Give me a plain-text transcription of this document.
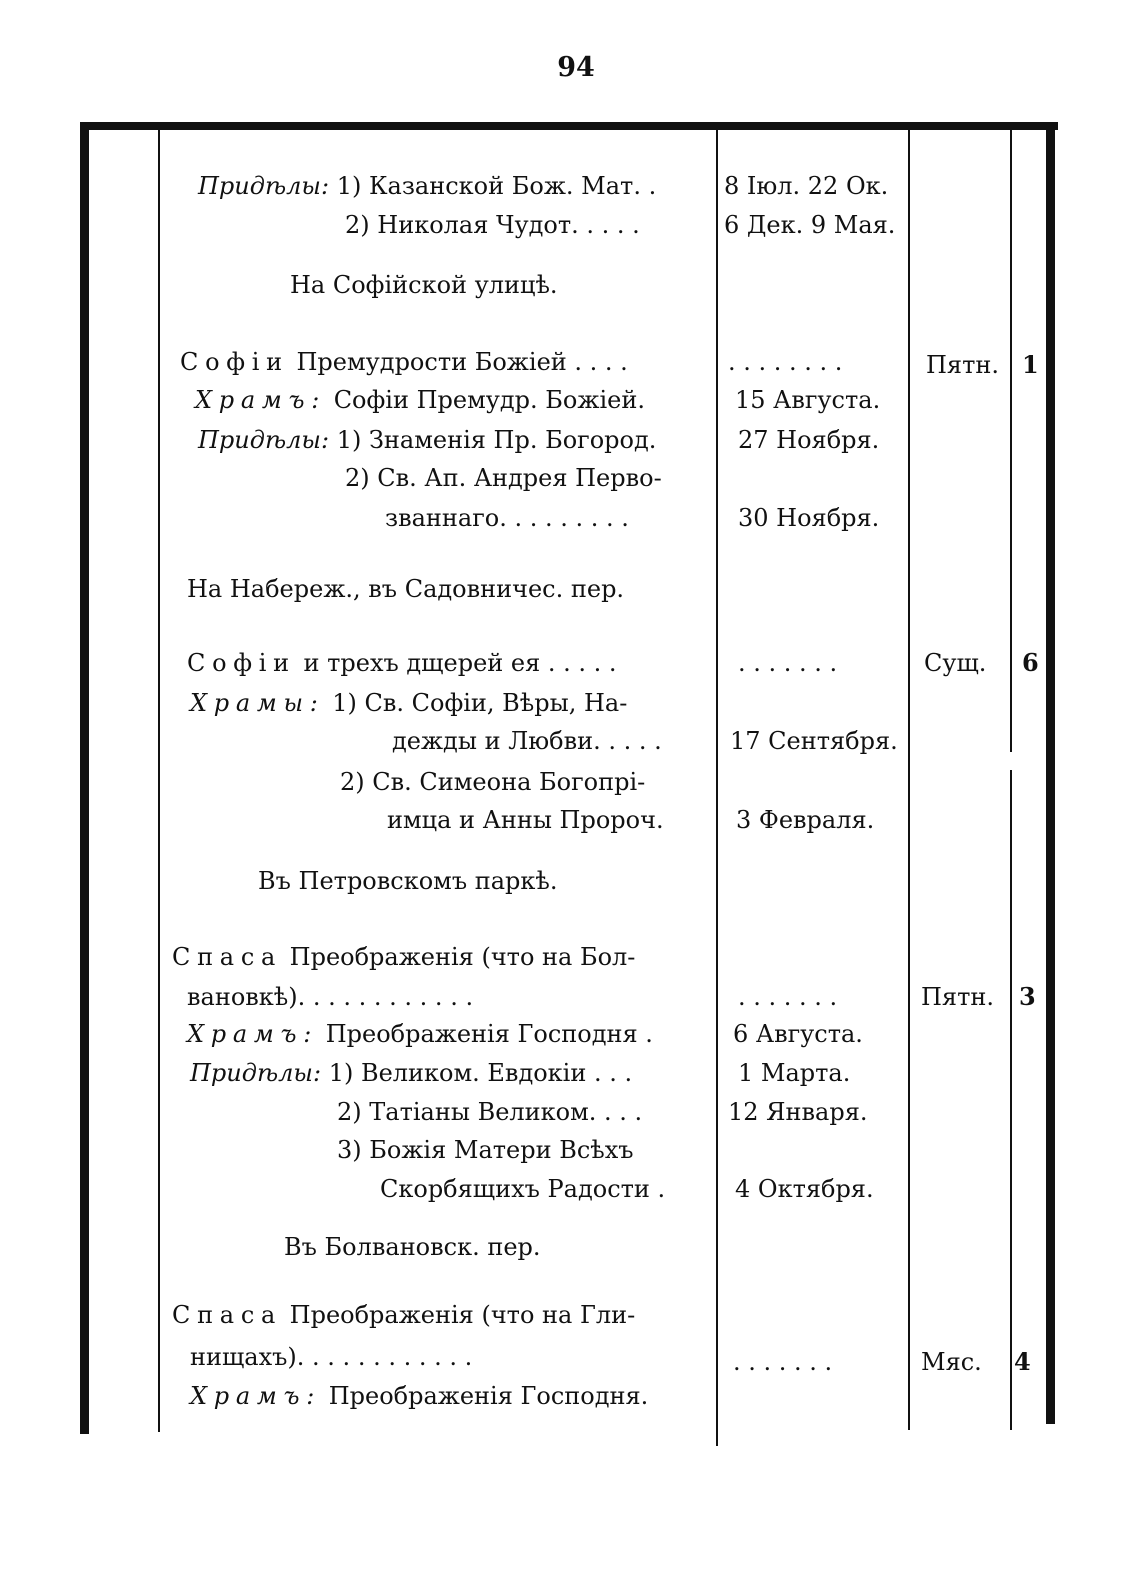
94
Придѣлы: 1) Казанской Бож. Мат. .	8 Іюл. 22 Ок.
2) Николая Чудот. . . . .	6 Дек. 9 Мая.
На Софійской улицѣ.
Софіи Премудрости Божіей . . . .	. . . . . . . .	Пятн. 1
Храмъ: Софіи Премудр. Божіей.	15 Августа.
Придѣлы: 1) Знаменія Пр. Богород.	27 Ноября.
2) Св. Ап. Андрея Перво-
званнаго. . . . . . . . .	30 Ноября.
На Набереж., въ Садовничес. пер.
Софіи и трехъ дщерей ея . . . . .	. . . . . . .	Сущ. 6
Храмы: 1) Св. Софіи, Вѣры, На-
дежды и Любви. . . . .	17 Сентября.
2) Св. Симеона Богопрі-
имца и Анны Пророч.	3 Февраля.
Въ Петровскомъ паркѣ.
Спаса Преображенія (что на Бол-
вановкѣ). . . . . . . . . . . .	. . . . . . .	Пятн. 3
Храмъ: Преображенія Господня .	6 Августа.
Придѣлы: 1) Великом. Евдокіи . . .	1 Марта.
2) Татіаны Великом. . . .	12 Января.
3) Божія Матери Всѣхъ
Скорбящихъ Радости .	4 Октября.
Въ Болвановск. пер.
Спаса Преображенія (что на Гли-
нищахъ). . . . . . . . . . . .	. . . . . . .	Мяс. 4
Храмъ: Преображенія Господня.
